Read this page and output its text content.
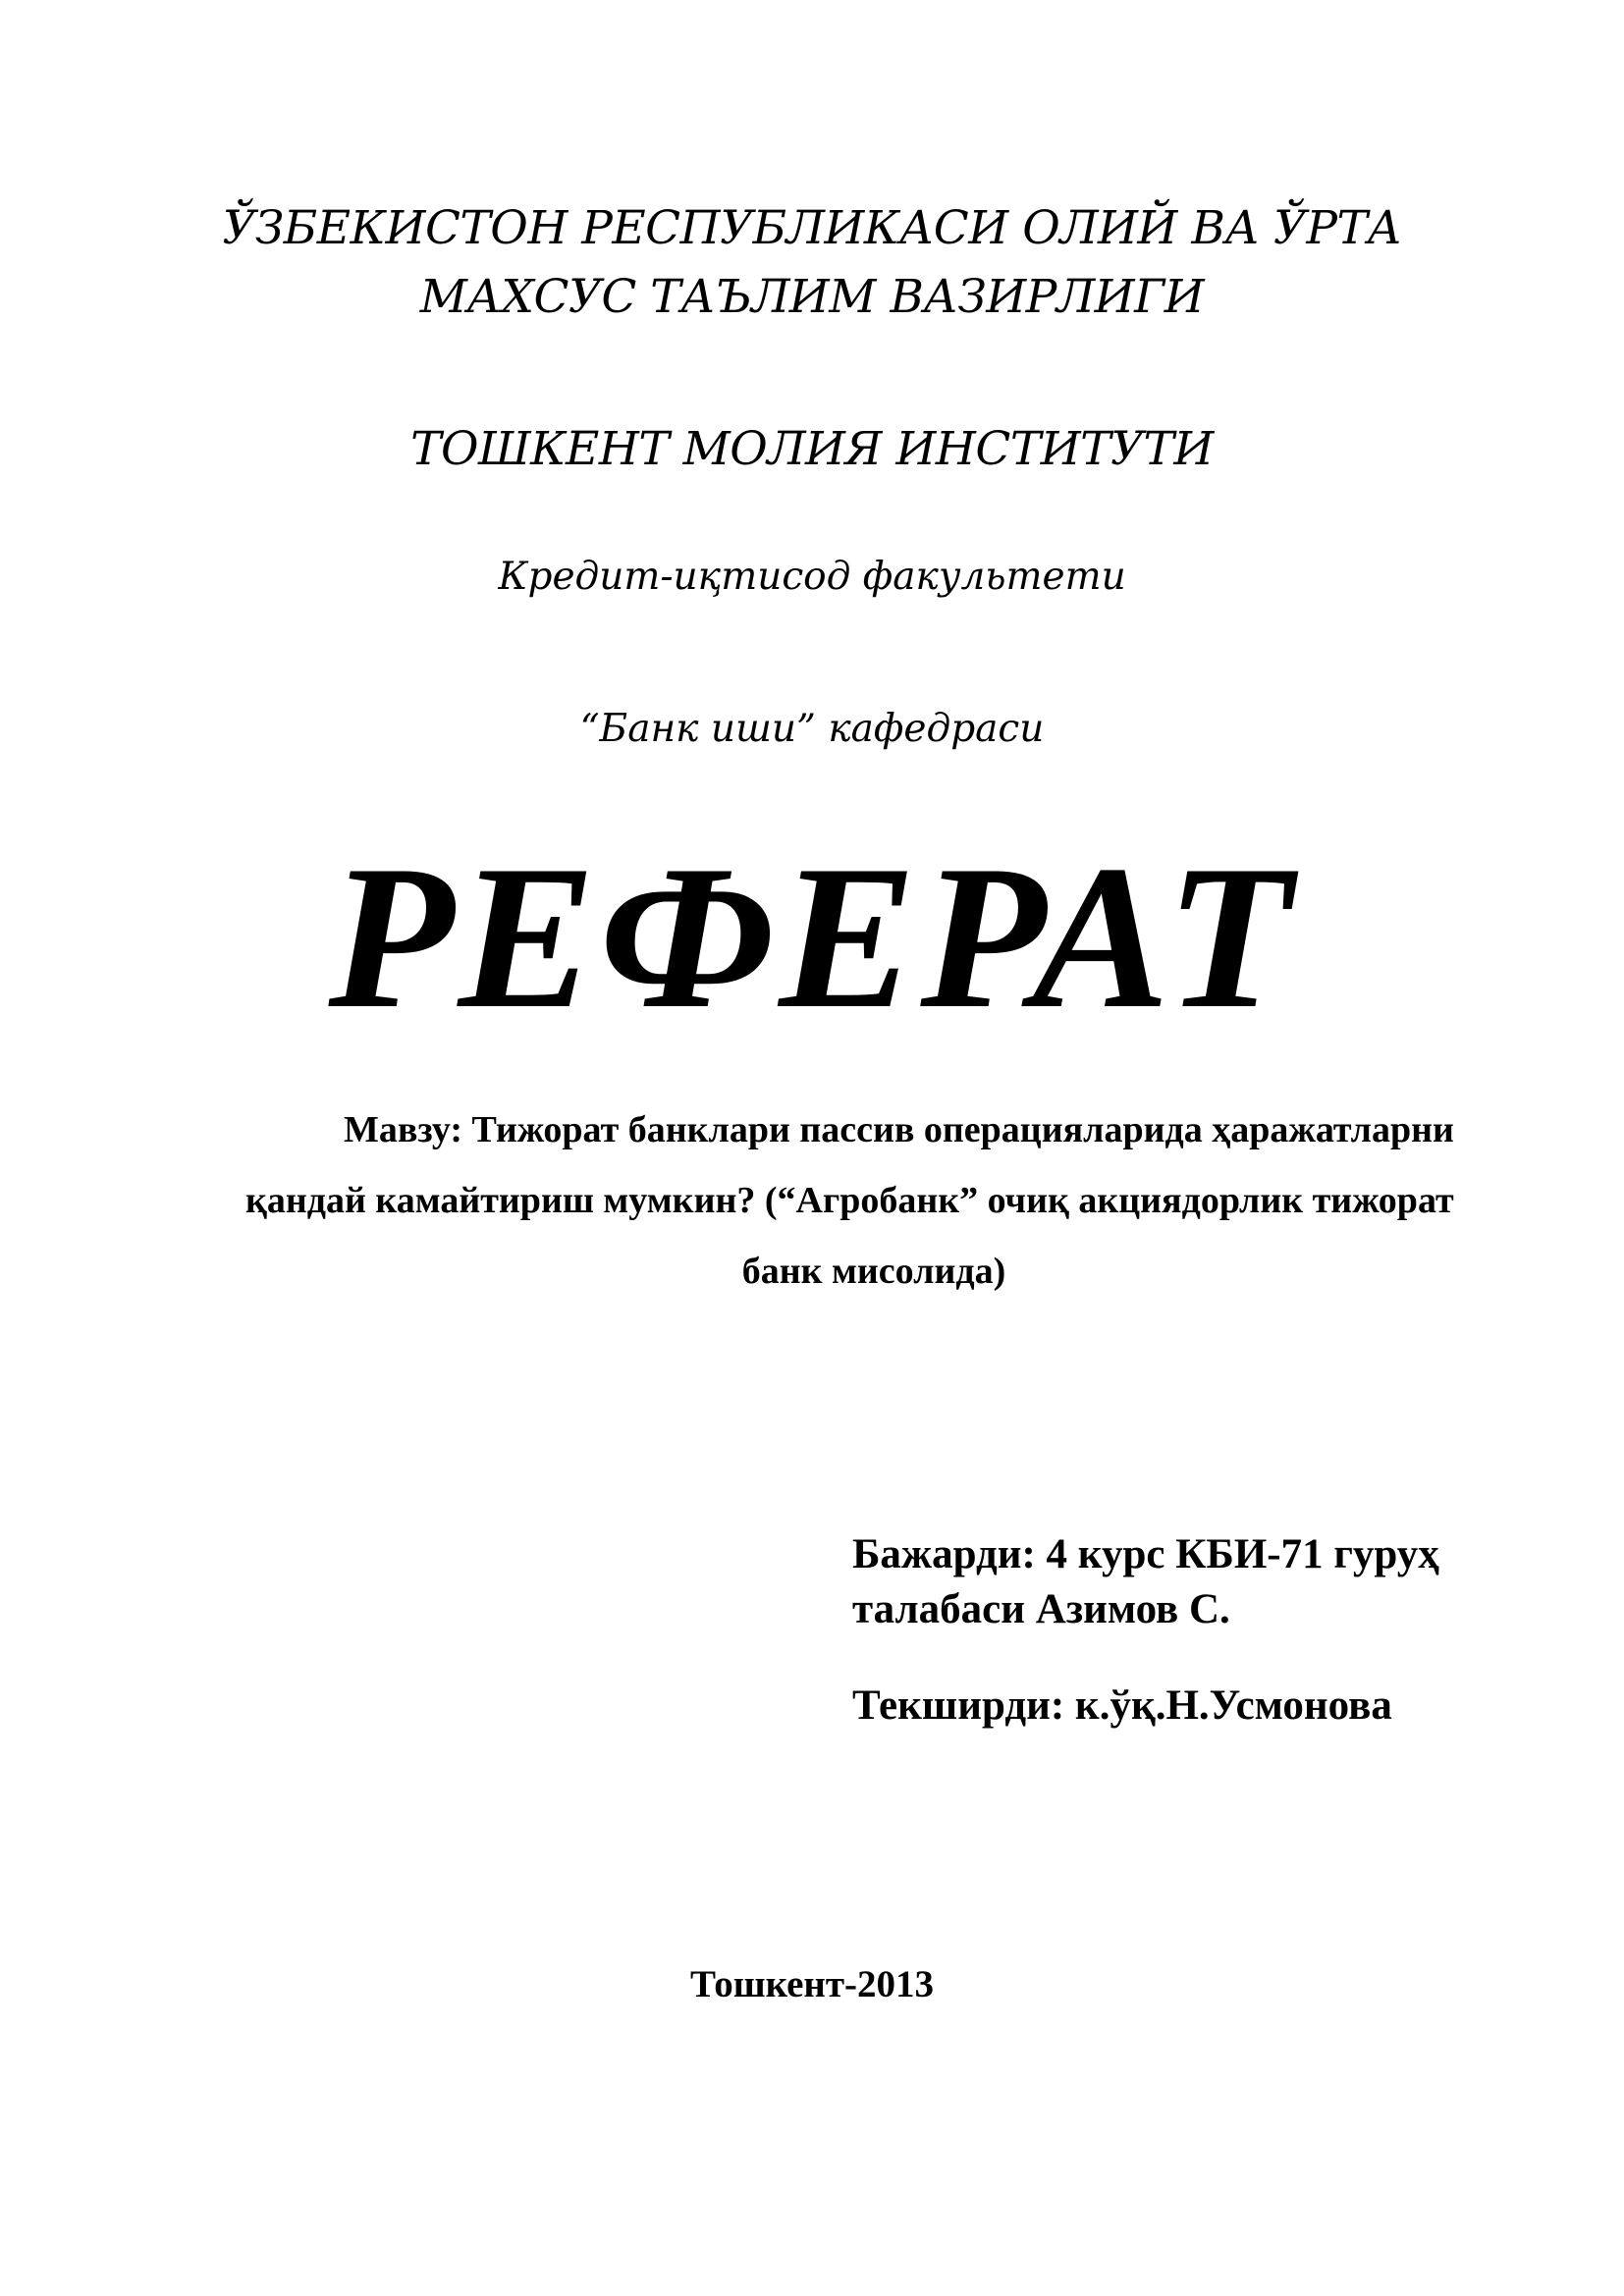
ЎЗБЕКИСТОН РЕСПУБЛИКАСИ ОЛИЙ ВА ЎРТА
МАХСУС ТАЪЛИМ ВАЗИРЛИГИ
ТОШКЕНТ МОЛИЯ ИНСТИТУТИ
Кредит-иқтисод факультети
“Банк иши” кафедраси
РЕФЕРАТ
Мавзу: Тижорат банклари пассив операцияларида ҳаражатларни
қандай камайтириш мумкин? (“Агробанк” очиқ акциядорлик тижорат
банк мисолида)
Бажарди: 4 курс КБИ-71 гуруҳ
талабаси Азимов С.
Текширди: к.ўқ.Н.Усмонова
Тошкент-2013
